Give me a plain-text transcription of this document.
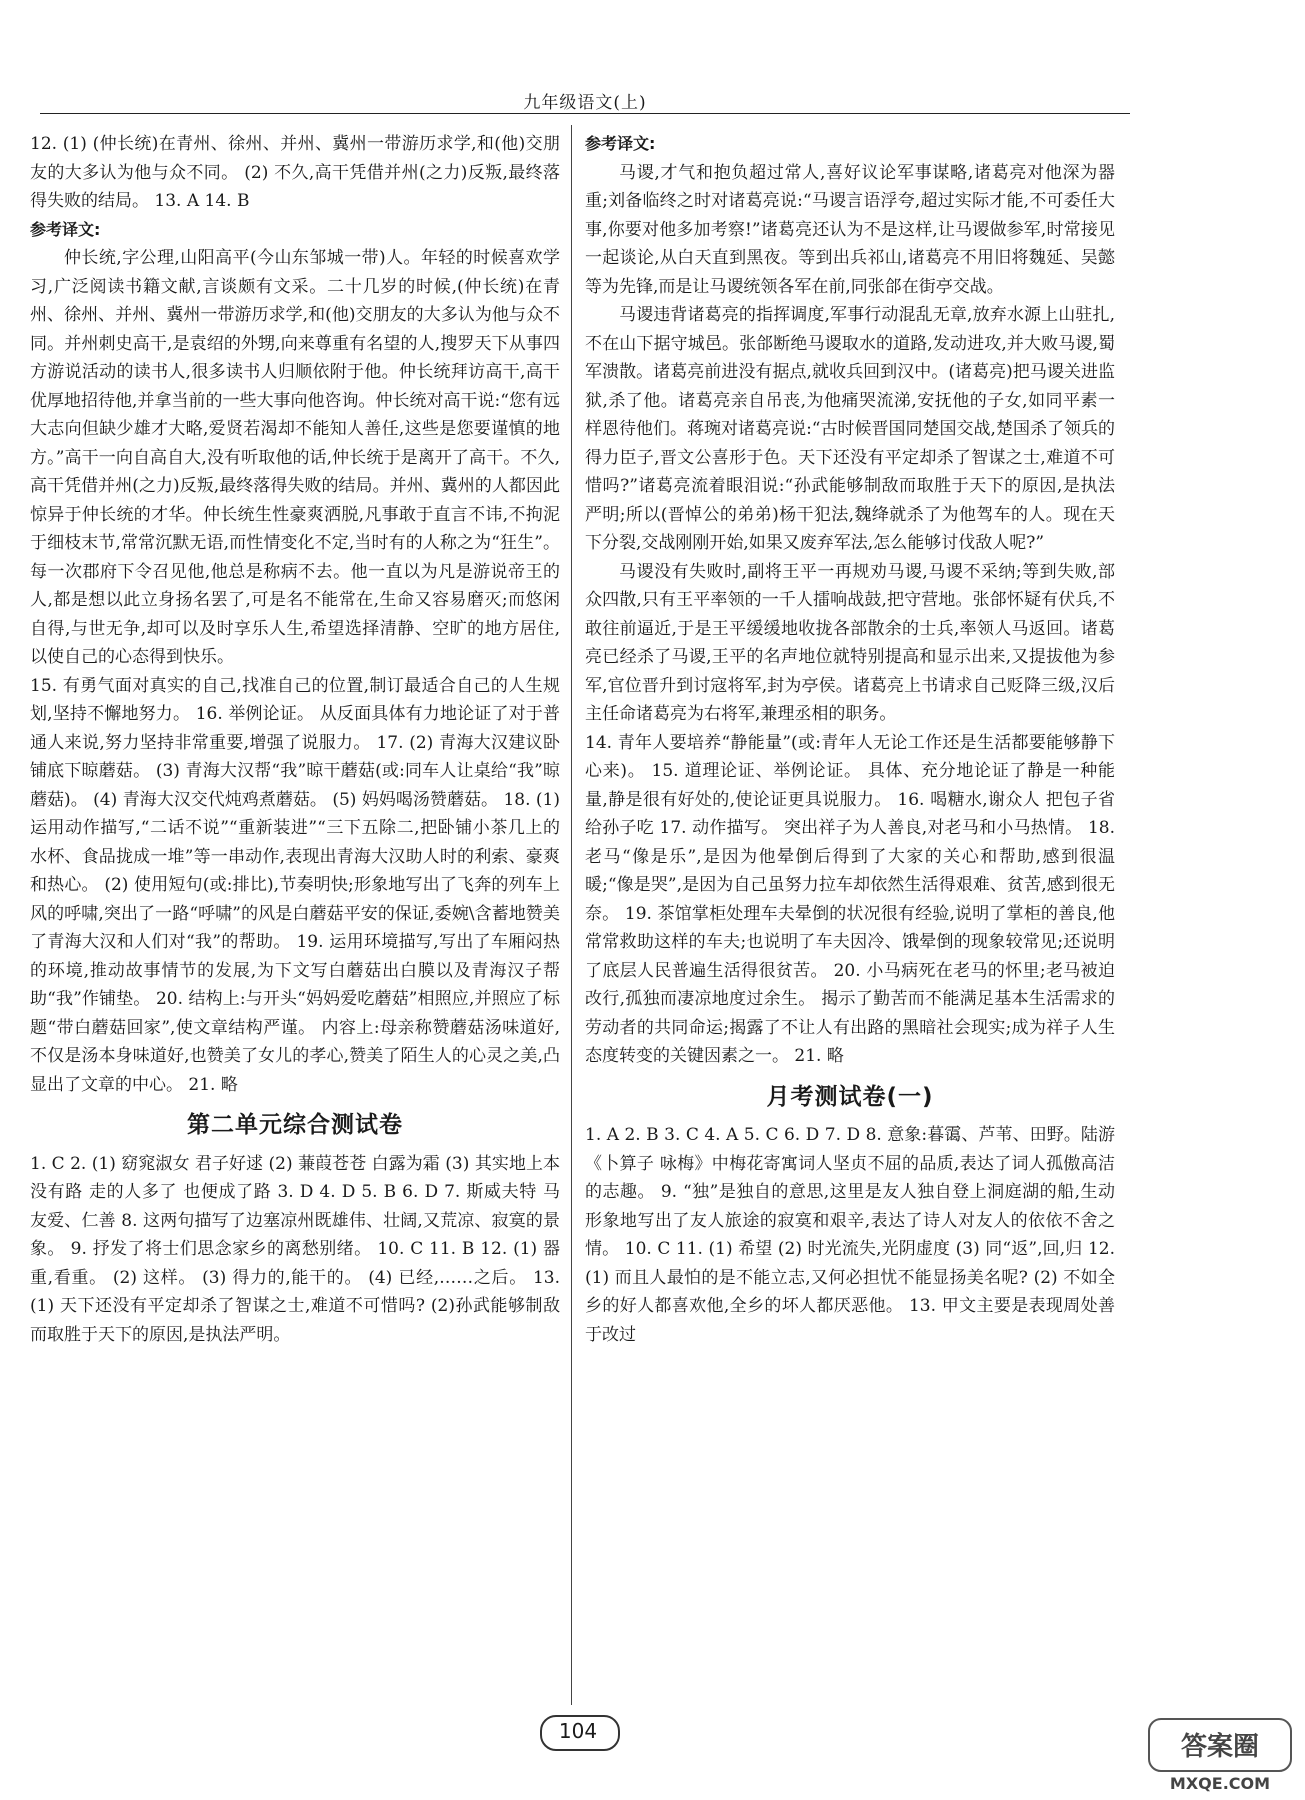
九年级语文(上)

12. (1) (仲长统)在青州、徐州、并州、冀州一带游历求学,和(他)交朋友的大多认为他与众不同。 (2) 不久,高干凭借并州(之力)反叛,最终落得失败的结局。 13. A 14. B

参考译文:

仲长统,字公理,山阳高平(今山东邹城一带)人。年轻的时候喜欢学习,广泛阅读书籍文献,言谈颇有文采。二十几岁的时候,(仲长统)在青州、徐州、并州、冀州一带游历求学,和(他)交朋友的大多认为他与众不同。并州刺史高干,是袁绍的外甥,向来尊重有名望的人,搜罗天下从事四方游说活动的读书人,很多读书人归顺依附于他。仲长统拜访高干,高干优厚地招待他,并拿当前的一些大事向他咨询。仲长统对高干说:“您有远大志向但缺少雄才大略,爱贤若渴却不能知人善任,这些是您要谨慎的地方。”高干一向自高自大,没有听取他的话,仲长统于是离开了高干。不久,高干凭借并州(之力)反叛,最终落得失败的结局。并州、冀州的人都因此惊异于仲长统的才华。仲长统生性豪爽洒脱,凡事敢于直言不讳,不拘泥于细枝末节,常常沉默无语,而性情变化不定,当时有的人称之为“狂生”。每一次郡府下令召见他,他总是称病不去。他一直以为凡是游说帝王的人,都是想以此立身扬名罢了,可是名不能常在,生命又容易磨灭;而悠闲自得,与世无争,却可以及时享乐人生,希望选择清静、空旷的地方居住,以使自己的心态得到快乐。

15. 有勇气面对真实的自己,找准自己的位置,制订最适合自己的人生规划,坚持不懈地努力。 16. 举例论证。 从反面具体有力地论证了对于普通人来说,努力坚持非常重要,增强了说服力。 17. (2) 青海大汉建议卧铺底下晾蘑菇。 (3) 青海大汉帮“我”晾干蘑菇(或:同车人让桌给“我”晾蘑菇)。 (4) 青海大汉交代炖鸡煮蘑菇。 (5) 妈妈喝汤赞蘑菇。 18. (1) 运用动作描写,“二话不说”“重新装进”“三下五除二,把卧铺小茶几上的水杯、食品拢成一堆”等一串动作,表现出青海大汉助人时的利索、豪爽和热心。 (2) 使用短句(或:排比),节奏明快;形象地写出了飞奔的列车上风的呼啸,突出了一路“呼啸”的风是白蘑菇平安的保证,委婉\含蓄地赞美了青海大汉和人们对“我”的帮助。 19. 运用环境描写,写出了车厢闷热的环境,推动故事情节的发展,为下文写白蘑菇出白膜以及青海汉子帮助“我”作铺垫。 20. 结构上:与开头“妈妈爱吃蘑菇”相照应,并照应了标题“带白蘑菇回家”,使文章结构严谨。 内容上:母亲称赞蘑菇汤味道好,不仅是汤本身味道好,也赞美了女儿的孝心,赞美了陌生人的心灵之美,凸显出了文章的中心。 21. 略

第二单元综合测试卷

1. C 2. (1) 窈窕淑女 君子好逑 (2) 蒹葭苍苍 白露为霜 (3) 其实地上本没有路 走的人多了 也便成了路 3. D 4. D 5. B 6. D 7. 斯威夫特 马 友爱、仁善 8. 这两句描写了边塞凉州既雄伟、壮阔,又荒凉、寂寞的景象。 9. 抒发了将士们思念家乡的离愁别绪。 10. C 11. B 12. (1) 器重,看重。 (2) 这样。 (3) 得力的,能干的。 (4) 已经,……之后。 13. (1) 天下还没有平定却杀了智谋之士,难道不可惜吗? (2)孙武能够制敌而取胜于天下的原因,是执法严明。

参考译文:

马谡,才气和抱负超过常人,喜好议论军事谋略,诸葛亮对他深为器重;刘备临终之时对诸葛亮说:“马谡言语浮夸,超过实际才能,不可委任大事,你要对他多加考察!”诸葛亮还认为不是这样,让马谡做参军,时常接见一起谈论,从白天直到黑夜。等到出兵祁山,诸葛亮不用旧将魏延、吴懿等为先锋,而是让马谡统领各军在前,同张郃在街亭交战。

马谡违背诸葛亮的指挥调度,军事行动混乱无章,放弃水源上山驻扎,不在山下据守城邑。张郃断绝马谡取水的道路,发动进攻,并大败马谡,蜀军溃散。诸葛亮前进没有据点,就收兵回到汉中。(诸葛亮)把马谡关进监狱,杀了他。诸葛亮亲自吊丧,为他痛哭流涕,安抚他的子女,如同平素一样恩待他们。蒋琬对诸葛亮说:“古时候晋国同楚国交战,楚国杀了领兵的得力臣子,晋文公喜形于色。天下还没有平定却杀了智谋之士,难道不可惜吗?”诸葛亮流着眼泪说:“孙武能够制敌而取胜于天下的原因,是执法严明;所以(晋悼公的弟弟)杨干犯法,魏绛就杀了为他驾车的人。现在天下分裂,交战刚刚开始,如果又废弃军法,怎么能够讨伐敌人呢?”

马谡没有失败时,副将王平一再规劝马谡,马谡不采纳;等到失败,部众四散,只有王平率领的一千人擂响战鼓,把守营地。张郃怀疑有伏兵,不敢往前逼近,于是王平缓缓地收拢各部散余的士兵,率领人马返回。诸葛亮已经杀了马谡,王平的名声地位就特别提高和显示出来,又提拔他为参军,官位晋升到讨寇将军,封为亭侯。诸葛亮上书请求自己贬降三级,汉后主任命诸葛亮为右将军,兼理丞相的职务。

14. 青年人要培养“静能量”(或:青年人无论工作还是生活都要能够静下心来)。 15. 道理论证、举例论证。 具体、充分地论证了静是一种能量,静是很有好处的,使论证更具说服力。 16. 喝糖水,谢众人 把包子省给孙子吃 17. 动作描写。 突出祥子为人善良,对老马和小马热情。 18. 老马“像是乐”,是因为他晕倒后得到了大家的关心和帮助,感到很温暖;“像是哭”,是因为自己虽努力拉车却依然生活得艰难、贫苦,感到很无奈。 19. 茶馆掌柜处理车夫晕倒的状况很有经验,说明了掌柜的善良,他常常救助这样的车夫;也说明了车夫因冷、饿晕倒的现象较常见;还说明了底层人民普遍生活得很贫苦。 20. 小马病死在老马的怀里;老马被迫改行,孤独而凄凉地度过余生。 揭示了勤苦而不能满足基本生活需求的劳动者的共同命运;揭露了不让人有出路的黑暗社会现实;成为祥子人生态度转变的关键因素之一。 21. 略

月考测试卷(一)

1. A 2. B 3. C 4. A 5. C 6. D 7. D 8. 意象:暮霭、芦苇、田野。陆游《卜算子 咏梅》中梅花寄寓词人坚贞不屈的品质,表达了词人孤傲高洁的志趣。 9. “独”是独自的意思,这里是友人独自登上洞庭湖的船,生动形象地写出了友人旅途的寂寞和艰辛,表达了诗人对友人的依依不舍之情。 10. C 11. (1) 希望 (2) 时光流失,光阴虚度 (3) 同“返”,回,归 12. (1) 而且人最怕的是不能立志,又何必担忧不能显扬美名呢? (2) 不如全乡的好人都喜欢他,全乡的坏人都厌恶他。 13. 甲文主要是表现周处善于改过

104
答案圈
MXQE.COM
